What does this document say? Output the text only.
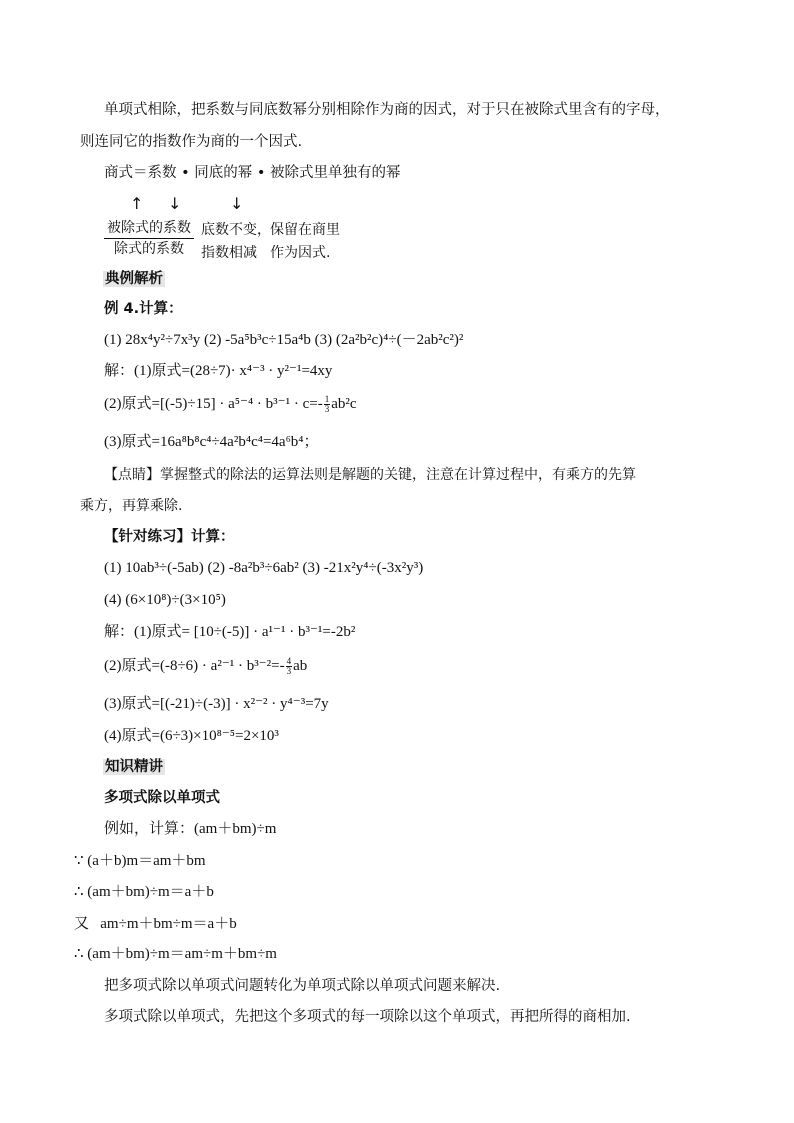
单项式相除，把系数与同底数幂分别相除作为商的因式，对于只在被除式里含有的字母，
则连同它的指数作为商的一个因式.
商式＝系数 • 同底的幂 • 被除式里单独有的幂
↑ ↓	↓
被除式的系数
除式的系数
底数不变，
指数相减
保留在商里
作为因式.
典例解析
例 4.计算：
(1) 28x⁴y²÷7x³y (2) -5a⁵b³c÷15a⁴b (3) (2a²b²c)⁴÷(－2ab²c²)²
解：(1)原式=(28÷7)· x⁴⁻³ · y²⁻¹=4xy
(2)原式$=[(-5)\div 15] \cdot a^{5-4} \cdot b^{3-1} \cdot c=- \frac{1}{3} ab^2c$
(3)原式=16a⁸b⁸c⁴÷4a²b⁴c⁴=4a⁶b⁴；
【点睛】掌握整式的除法的运算法则是解题的关键，注意在计算过程中，有乘方的先算
乘方，再算乘除.
【针对练习】计算：
(1) 10ab³÷(-5ab) (2) -8a²b³÷6ab² (3) -21x²y⁴÷(-3x²y³)
(4) (6×10⁸)÷(3×10⁵)
解：(1)原式= [10÷(-5)] · a¹⁻¹ · b³⁻¹=-2b²
(2)原式$=(-8\div 6) \cdot a^{2-1} \cdot b^{3-2}=- \frac{4}{3}$ ab
(3)原式=[(-21)÷(-3)] · x²⁻² · y⁴⁻³=7y
(4)原式=(6÷3)×10⁸⁻⁵=2×10³
知识精讲
多项式除以单项式
例如，计算：(am＋bm)÷m
∵ (a＋b)m＝am＋bm
∴ (am＋bm)÷m＝a＋b
又 am÷m＋bm÷m＝a＋b
∴ (am＋bm)÷m＝am÷m＋bm÷m
把多项式除以单项式问题转化为单项式除以单项式问题来解决.
多项式除以单项式，先把这个多项式的每一项除以这个单项式，再把所得的商相加.
